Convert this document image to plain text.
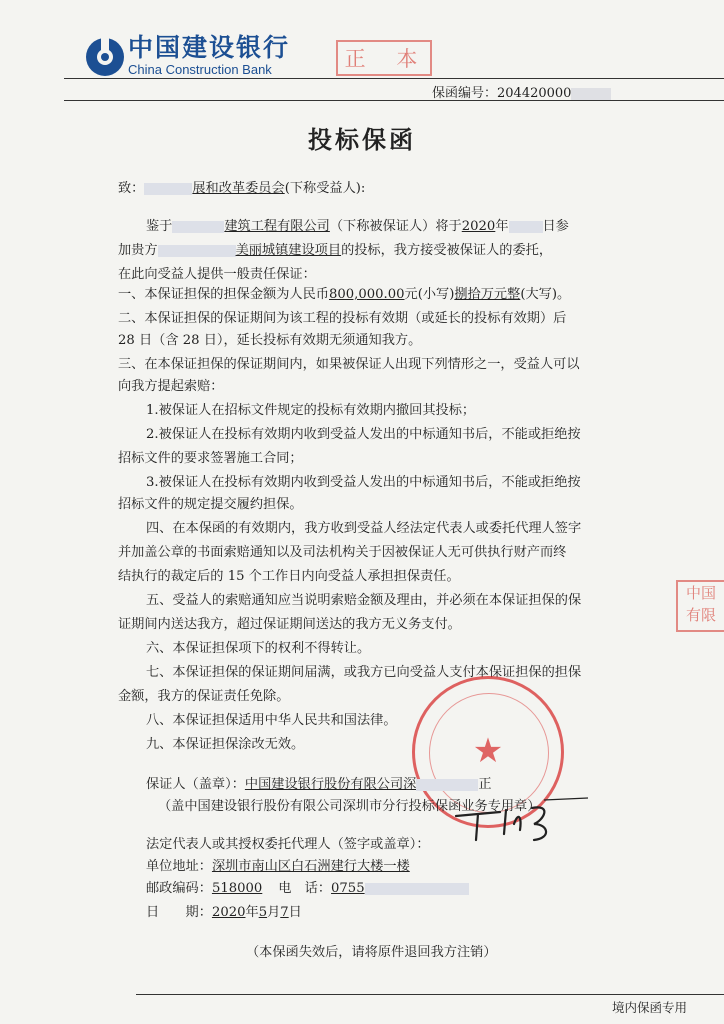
中国建设银行
China Construction Bank	正 本
保函编号：204420000
投标保函
致：	展和改革委员会(下称受益人):
鉴于	建筑工程有限公司（下称被保证人）将于2020年	日参
加贵方	美丽城镇建设项目的投标，我方接受被保证人的委托，
在此向受益人提供一般责任保证：
一、本保证担保的担保金额为人民币800,000.00元(小写)捌拾万元整(大写)。
二、本保证担保的保证期间为该工程的投标有效期（或延长的投标有效期）后
28 日（含 28 日），延长投标有效期无须通知我方。
三、在本保证担保的保证期间内，如果被保证人出现下列情形之一，受益人可以
向我方提起索赔：
1.被保证人在招标文件规定的投标有效期内撤回其投标；
2.被保证人在投标有效期内收到受益人发出的中标通知书后，不能或拒绝按
招标文件的要求签署施工合同；
3.被保证人在投标有效期内收到受益人发出的中标通知书后，不能或拒绝按
招标文件的规定提交履约担保。
四、在本保函的有效期内，我方收到受益人经法定代表人或委托代理人签字
并加盖公章的书面索赔通知以及司法机构关于因被保证人无可供执行财产而终
结执行的裁定后的 15 个工作日内向受益人承担担保责任。
五、受益人的索赔通知应当说明索赔金额及理由，并必须在本保证担保的保
证期间内送达我方，超过保证期间送达的我方无义务支付。
六、本保证担保项下的权利不得转让。
七、本保证担保的保证期间届满，或我方已向受益人支付本保证担保的担保
金额，我方的保证责任免除。
八、本保证担保适用中华人民共和国法律。
九、本保证担保涂改无效。	★
保证人（盖章）：中国建设银行股份有限公司深	正
（盖中国建设银行股份有限公司深圳市分行投标保函业务专用章）
法定代表人或其授权委托代理人（签字或盖章）：
单位地址：深圳市南山区白石洲建行大楼一楼
邮政编码：518000 电　话：0755
日　　期：2020年5月7日
（本保函失效后，请将原件退回我方注销）
中国
有限
境内保函专用
